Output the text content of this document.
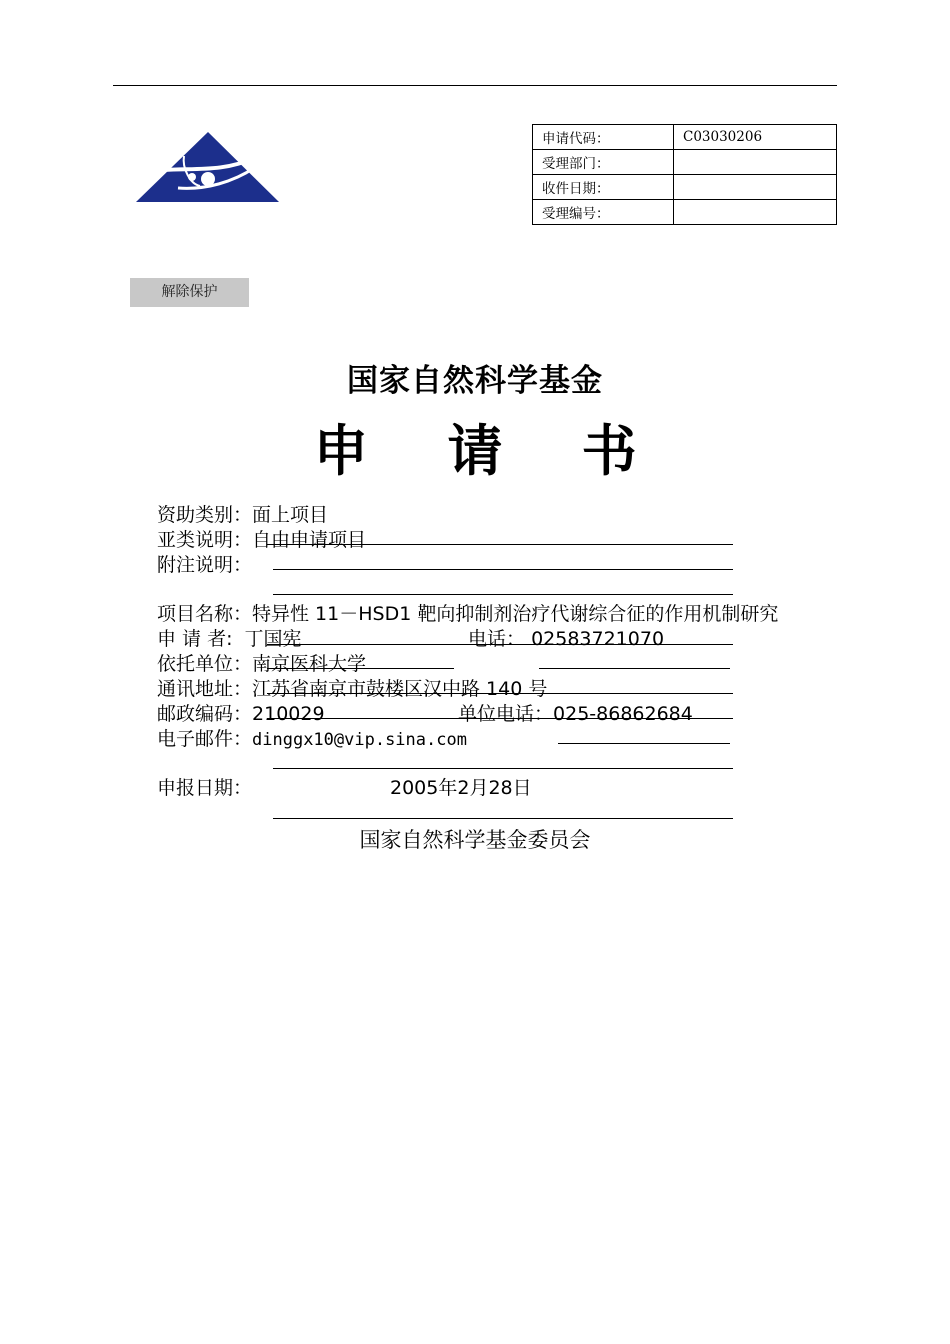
申请代码：	C03030206
受理部门：	
收件日期：	
受理编号：	
解除保护
国家自然科学基金
申 请 书
资助类别：面上项目
亚类说明：自由申请项目
附注说明：
项目名称：特异性 11－HSD1 靶向抑制剂治疗代谢综合征的作用机制研究
申 请 者: 丁国宪	电话： 02583721070
依托单位：南京医科大学
通讯地址：江苏省南京市鼓楼区汉中路 140 号
邮政编码：210029	单位电话：025-86862684
电子邮件：dinggx10@vip.sina.com
申报日期：	2005年2月28日
国家自然科学基金委员会
